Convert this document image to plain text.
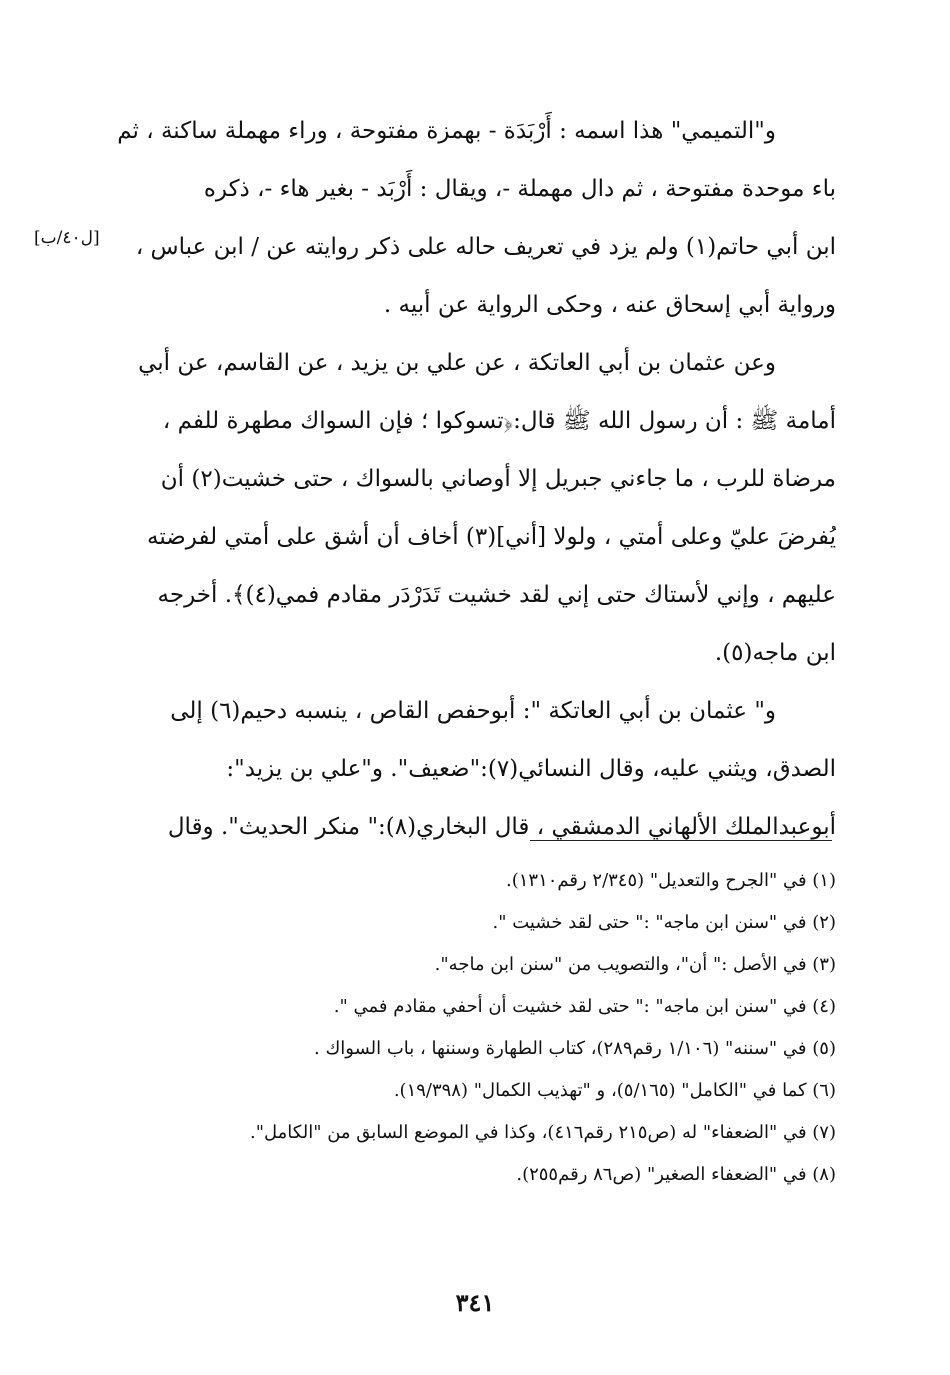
[ل٤٠/ب]
و"التميمي" هذا اسمه : أَرْبَدَة - بهمزة مفتوحة ، وراء مهملة ساكنة ، ثم
باء موحدة مفتوحة ، ثم دال مهملة -، ويقال : أَرْبَد - بغير هاء -، ذكره
ابن أبي حاتم(١) ولم يزد في تعريف حاله على ذكر روايته عن / ابن عباس ،
ورواية أبي إسحاق عنه ، وحكى الرواية عن أبيه .
وعن عثمان بن أبي العاتكة ، عن علي بن يزيد ، عن القاسم، عن أبي
أمامة ﷺ : أن رسول الله ﷺ قال:﴿تسوكوا ؛ فإن السواك مطهرة للفم ،
مرضاة للرب ، ما جاءني جبريل إلا أوصاني بالسواك ، حتى خشيت(٢) أن
يُفرضَ عليّ وعلى أمتي ، ولولا [أني](٣) أخاف أن أشق على أمتي لفرضته
عليهم ، وإني لأستاك حتى إني لقد خشيت تَدَرْدَر مقادم فمي(٤)﴾. أخرجه
ابن ماجه(٥).
و" عثمان بن أبي العاتكة ": أبوحفص القاص ، ينسبه دحيم(٦) إلى
الصدق، ويثني عليه، وقال النسائي(٧):"ضعيف". و"علي بن يزيد":
أبوعبدالملك الألهاني الدمشقي ، قال البخاري(٨):" منكر الحديث". وقال
(١) في "الجرح والتعديل" (٢/٣٤٥ رقم١٣١٠).
(٢) في "سنن ابن ماجه" :" حتى لقد خشيت ".
(٣) في الأصل :" أن"، والتصويب من "سنن ابن ماجه".
(٤) في "سنن ابن ماجه" :" حتى لقد خشيت أن أحفي مقادم فمي ".
(٥) في "سننه" (١/١٠٦ رقم٢٨٩)، كتاب الطهارة وسننها ، باب السواك .
(٦) كما في "الكامل" (٥/١٦٥)، و "تهذيب الكمال" (١٩/٣٩٨).
(٧) في "الضعفاء" له (ص٢١٥ رقم٤١٦)، وكذا في الموضع السابق من "الكامل".
(٨) في "الضعفاء الصغير" (ص٨٦ رقم٢٥٥).
٣٤١
